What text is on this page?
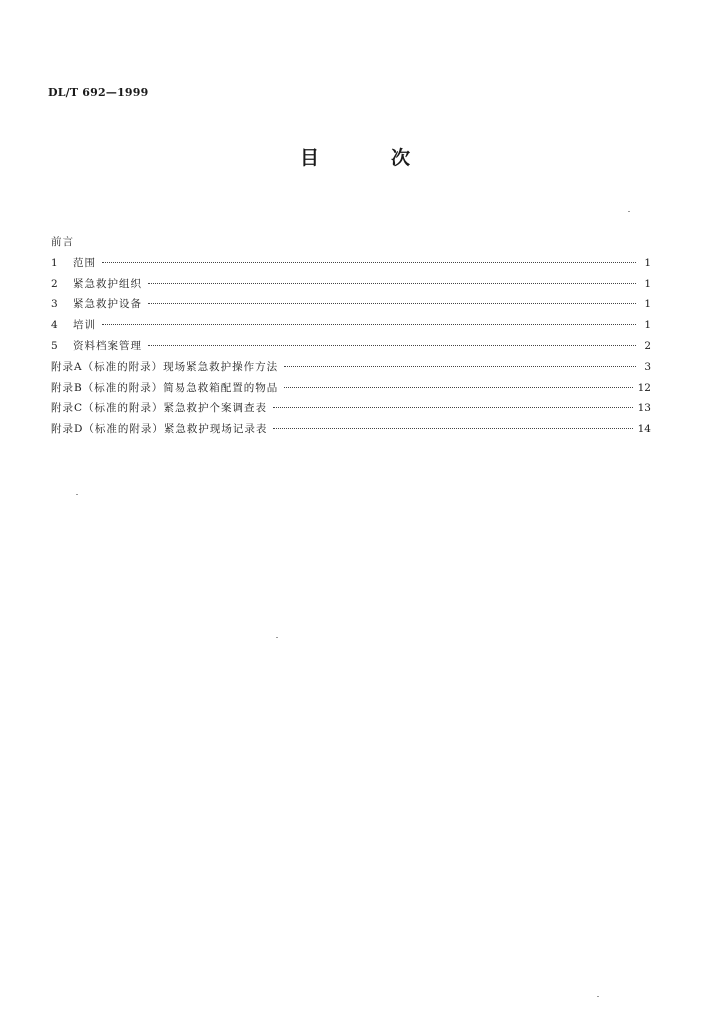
DL/T 692—1999
目	次
前言
1	范围	1
2	紧急救护组织	1
3	紧急救护设备	1
4	培训	1
5	资料档案管理	2
附录A（标准的附录）现场紧急救护操作方法	3
附录B（标准的附录）简易急救箱配置的物品	12
附录C（标准的附录）紧急救护个案调查表	13
附录D（标准的附录）紧急救护现场记录表	14
